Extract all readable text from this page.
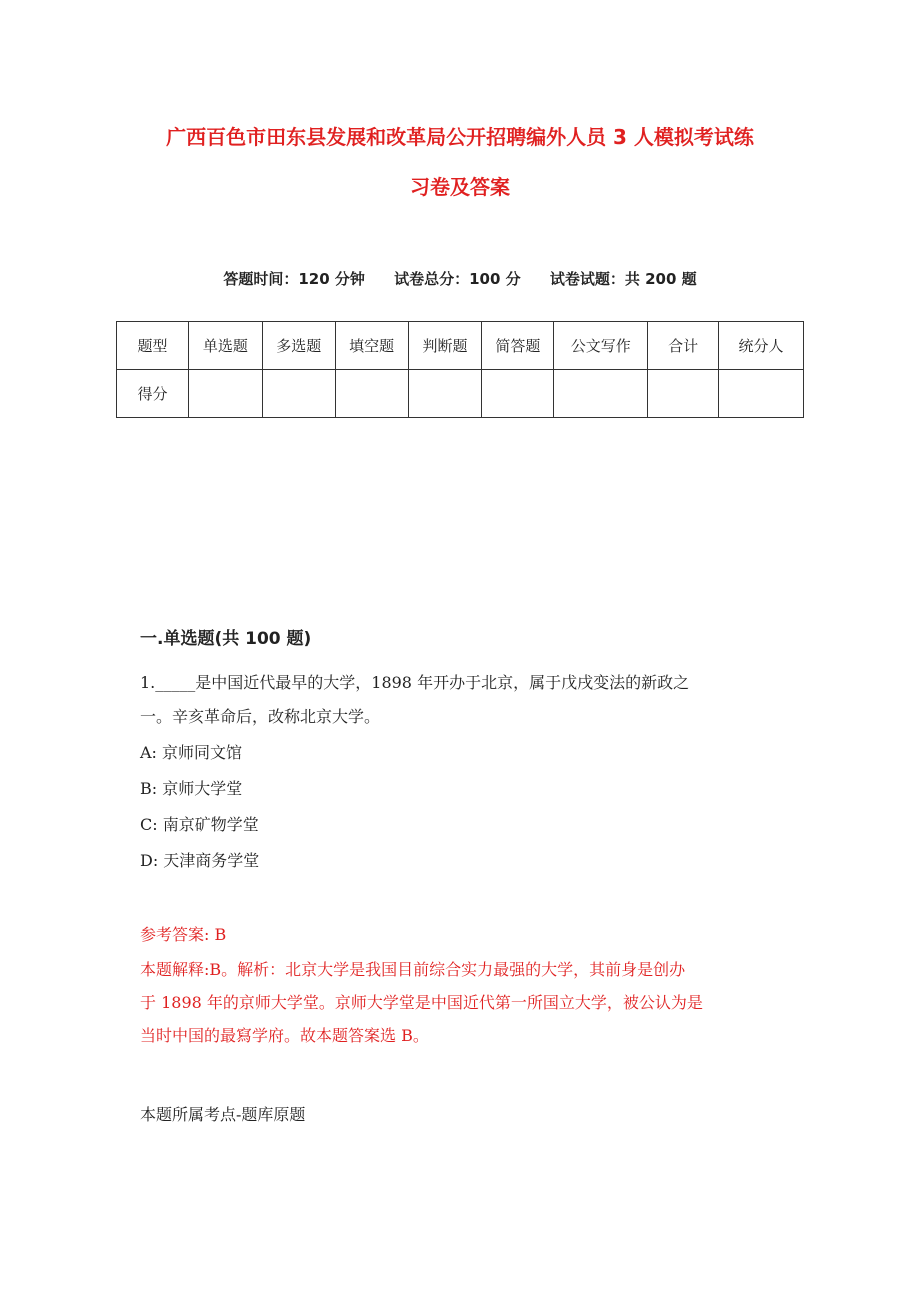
广西百色市田东县发展和改革局公开招聘编外人员 3 人模拟考试练
习卷及答案
答题时间：120 分钟 试卷总分：100 分 试卷试题：共 200 题
题型	单选题	多选题	填空题	判断题	简答题	公文写作	合计	统分人
得分								
一.单选题(共 100 题)
1._____是中国近代最早的大学，1898 年开办于北京，属于戊戌变法的新政之
一。辛亥革命后，改称北京大学。
A: 京师同文馆
B: 京师大学堂
C: 南京矿物学堂
D: 天津商务学堂
参考答案: B
本题解释:B。解析：北京大学是我国目前综合实力最强的大学，其前身是创办
于 1898 年的京师大学堂。京师大学堂是中国近代第一所国立大学，被公认为是
当时中国的最寫学府。故本题答案选 B。
本题所属考点-题库原题
